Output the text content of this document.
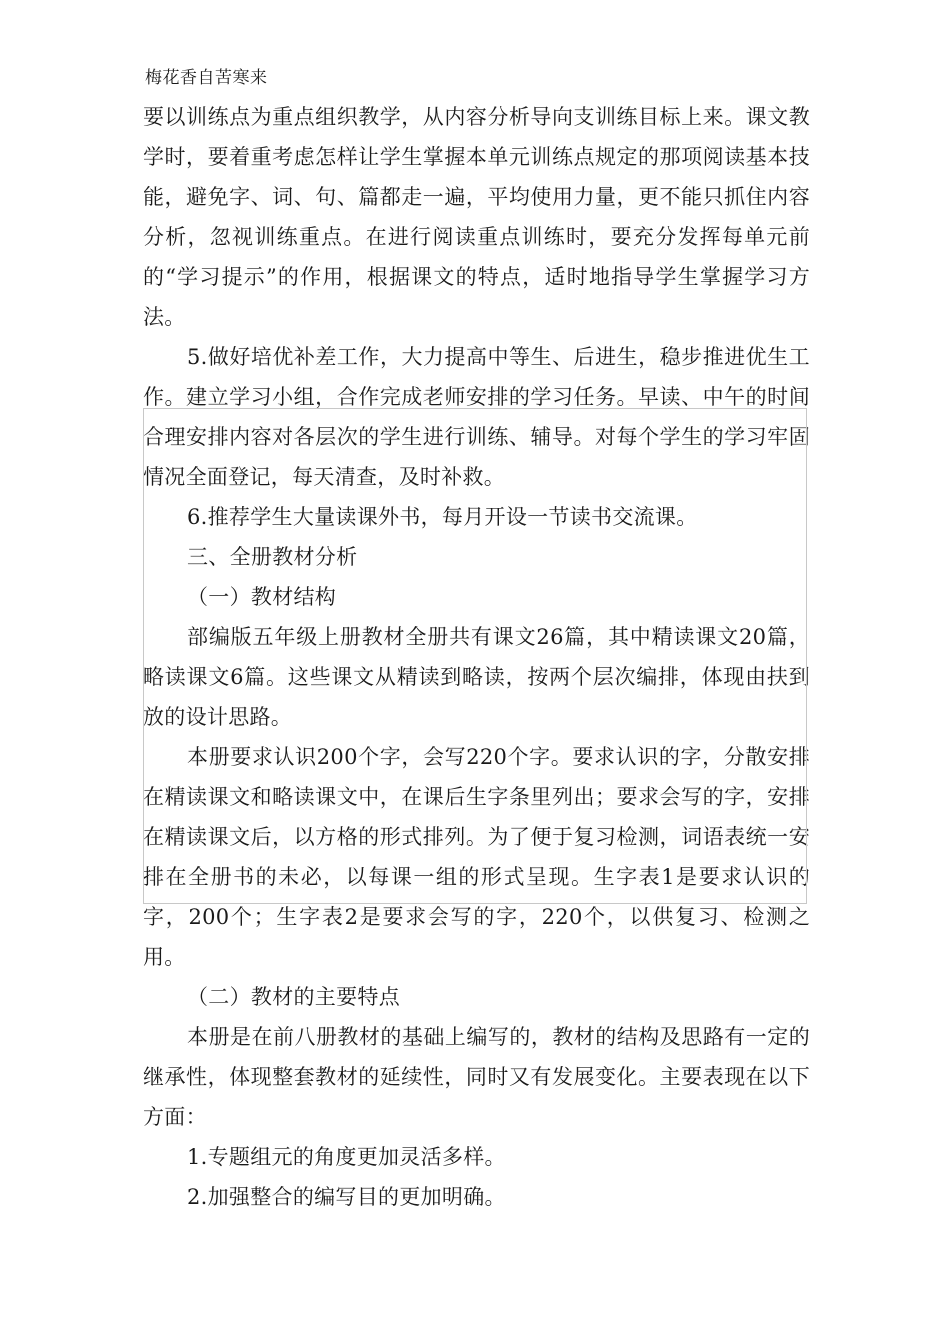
梅花香自苦寒来

要以训练点为重点组织教学，从内容分析导向支训练目标上来。课文教学时，要着重考虑怎样让学生掌握本单元训练点规定的那项阅读基本技能，避免字、词、句、篇都走一遍，平均使用力量，更不能只抓住内容分析，忽视训练重点。在进行阅读重点训练时，要充分发挥每单元前的“学习提示”的作用，根据课文的特点，适时地指导学生掌握学习方法。

5.做好培优补差工作，大力提高中等生、后进生，稳步推进优生工作。建立学习小组，合作完成老师安排的学习任务。早读、中午的时间合理安排内容对各层次的学生进行训练、辅导。对每个学生的学习牢固情况全面登记，每天清查，及时补救。

6.推荐学生大量读课外书，每月开设一节读书交流课。

三、全册教材分析

（一）教材结构

部编版五年级上册教材全册共有课文26篇，其中精读课文20篇，略读课文6篇。这些课文从精读到略读，按两个层次编排，体现由扶到放的设计思路。

本册要求认识200个字，会写220个字。要求认识的字，分散安排在精读课文和略读课文中，在课后生字条里列出；要求会写的字，安排在精读课文后，以方格的形式排列。为了便于复习检测，词语表统一安排在全册书的未必，以每课一组的形式呈现。生字表1是要求认识的字，200个；生字表2是要求会写的字，220个，以供复习、检测之用。

（二）教材的主要特点

本册是在前八册教材的基础上编写的，教材的结构及思路有一定的继承性，体现整套教材的延续性，同时又有发展变化。主要表现在以下方面：

1.专题组元的角度更加灵活多样。

2.加强整合的编写目的更加明确。
